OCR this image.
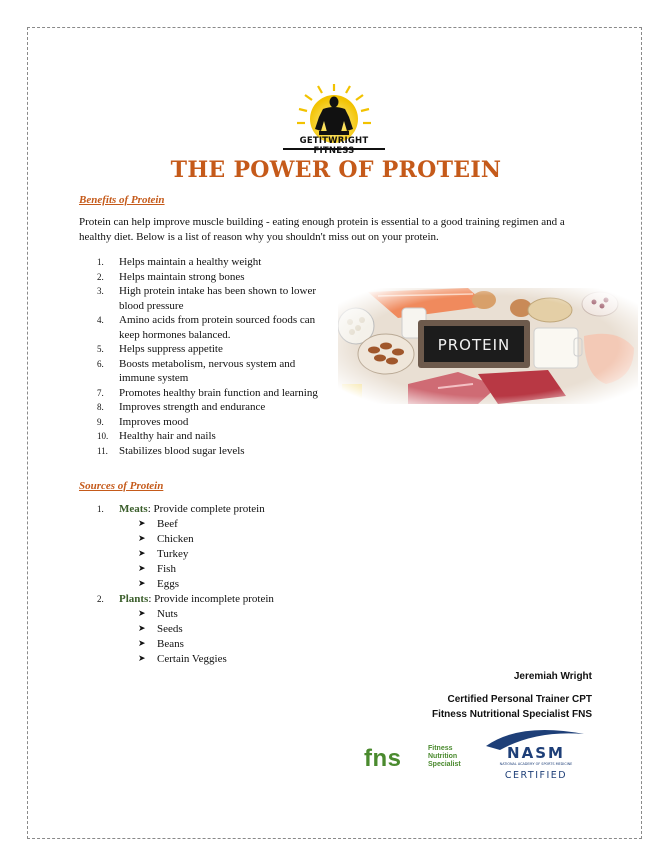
GETITWRIGHT FITNESS
THE POWER OF PROTEIN
Benefits of Protein
Protein can help improve muscle building - eating enough protein is essential to a good training regimen and a healthy diet. Below is a list of reason why you shouldn't miss out on your protein.
1.	Helps maintain a healthy weight
2.	Helps maintain strong bones
3.	High protein intake has been shown to lower blood pressure
4.	Amino acids from protein sourced foods can keep hormones balanced.
5.	Helps suppress appetite
6.	Boosts metabolism, nervous system and immune system
7.	Promotes healthy brain function and learning
8.	Improves strength and endurance
9.	Improves mood
10. Healthy hair and nails
11.	Stabilizes blood sugar levels
Sources of Protein
1.	Meats: Provide complete protein
➤	Beef
➤	Chicken
➤	Turkey
➤	Fish
➤	Eggs
2.	Plants: Provide incomplete protein
➤	Nuts
➤	Seeds
➤	Beans
➤	Certain Veggies
Jeremiah Wright
Certified Personal Trainer CPT
Fitness Nutritional Specialist FNS
fns	Fitness
Nutrition
Specialist
NASM
NATIONAL ACADEMY OF SPORTS MEDICINE
CERTIFIED
